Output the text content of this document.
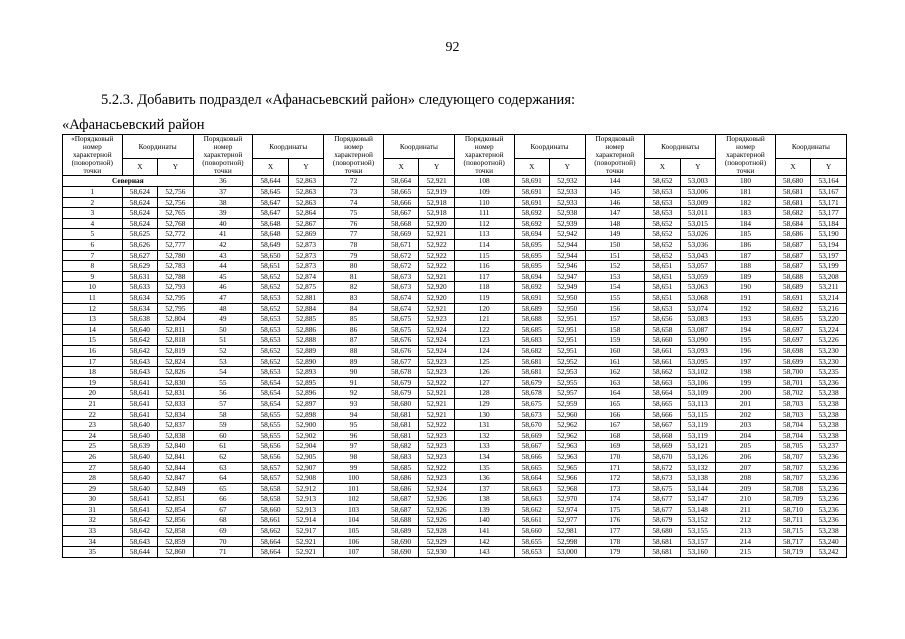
92
5.2.3. Добавить подраздел «Афанасьевский район» следующего содержания:
«Афанасьевский район
«Порядковый номер характерной (поворотной) точки	Координаты		Порядковый номер характерной (поворотной) точки	Координаты		Порядковый номер характерной (поворотной) точки	Координаты		Порядковый номер характерной (поворотной) точки	Координаты		Порядковый номер характерной (поворотной) точки	Координаты		Порядковый номер характерной (поворотной) точки	Координаты	
	X	Y		X	Y		X	Y		X	Y		X	Y		X	Y
Северная			36	58,644	52,863	72	58,664	52,921	108	58,691	52,932	144	58,652	53,003	180	58,680	53,164
1	58,624	52,756	37	58,645	52,863	73	58,665	52,919	109	58,691	52,933	145	58,653	53,006	181	58,681	53,167
2	58,624	52,756	38	58,647	52,863	74	58,666	52,918	110	58,691	52,933	146	58,653	53,009	182	58,681	53,171
3	58,624	52,765	39	58,647	52,864	75	58,667	52,918	111	58,692	52,938	147	58,653	53,011	183	58,682	53,177
4	58,624	52,768	40	58,648	52,867	76	58,668	52,920	112	58,692	52,939	148	58,652	53,015	184	58,684	53,184
5	58,625	52,772	41	58,648	52,869	77	58,669	52,921	113	58,694	52,942	149	58,652	53,026	185	58,686	53,190
6	58,626	52,777	42	58,649	52,873	78	58,671	52,922	114	58,695	52,944	150	58,652	53,036	186	58,687	53,194
7	58,627	52,780	43	58,650	52,873	79	58,672	52,922	115	58,695	52,944	151	58,652	53,043	187	58,687	53,197
8	58,629	52,783	44	58,651	52,873	80	58,672	52,922	116	58,695	52,946	152	58,651	53,057	188	58,687	53,199
9	58,631	52,788	45	58,652	52,874	81	58,673	52,921	117	58,694	52,947	153	58,651	53,059	189	58,688	53,208
10	58,633	52,793	46	58,652	52,875	82	58,673	52,920	118	58,692	52,949	154	58,651	53,063	190	58,689	53,211
11	58,634	52,795	47	58,653	52,881	83	58,674	52,920	119	58,691	52,950	155	58,651	53,068	191	58,691	53,214
12	58,634	52,795	48	58,652	52,884	84	58,674	52,921	120	58,689	52,950	156	58,653	53,074	192	58,692	53,216
13	58,638	52,804	49	58,653	52,885	85	58,675	52,923	121	58,688	52,951	157	58,656	53,083	193	58,695	53,220
14	58,640	52,811	50	58,653	52,886	86	58,675	52,924	122	58,685	52,951	158	58,658	53,087	194	58,697	53,224
15	58,642	52,818	51	58,653	52,888	87	58,676	52,924	123	58,683	52,951	159	58,660	53,090	195	58,697	53,226
16	58,642	52,819	52	58,652	52,889	88	58,676	52,924	124	58,682	52,951	160	58,661	53,093	196	58,698	53,230
17	58,643	52,824	53	58,652	52,890	89	58,677	52,923	125	58,681	52,952	161	58,661	53,095	197	58,699	53,230
18	58,643	52,826	54	58,653	52,893	90	58,678	52,923	126	58,681	52,953	162	58,662	53,102	198	58,700	53,235
19	58,641	52,830	55	58,654	52,895	91	58,679	52,922	127	58,679	52,955	163	58,663	53,106	199	58,701	53,236
20	58,641	52,831	56	58,654	52,896	92	58,679	52,921	128	58,678	52,957	164	58,664	53,109	200	58,702	53,238
21	58,641	52,833	57	58,654	52,897	93	58,680	52,921	129	58,675	52,959	165	58,665	53,113	201	58,703	53,238
22	58,641	52,834	58	58,655	52,898	94	58,681	52,921	130	58,673	52,960	166	58,666	53,115	202	58,703	53,238
23	58,640	52,837	59	58,655	52,900	95	58,681	52,922	131	58,670	52,962	167	58,667	53,119	203	58,704	53,238
24	58,640	52,838	60	58,655	52,902	96	58,681	52,923	132	58,669	52,962	168	58,668	53,119	204	58,704	53,238
25	58,639	52,840	61	58,656	52,904	97	58,682	52,923	133	58,667	52,963	169	58,669	53,121	205	58,705	53,237
26	58,640	52,841	62	58,656	52,905	98	58,683	52,923	134	58,666	52,963	170	58,670	53,126	206	58,707	53,236
27	58,640	52,844	63	58,657	52,907	99	58,685	52,922	135	58,665	52,965	171	58,672	53,132	207	58,707	53,236
28	58,640	52,847	64	58,657	52,908	100	58,686	52,923	136	58,664	52,966	172	58,673	53,138	208	58,707	53,236
29	58,640	52,849	65	58,658	52,912	101	58,686	52,924	137	58,663	52,968	173	58,675	53,144	209	58,708	53,236
30	58,641	52,851	66	58,658	52,913	102	58,687	52,926	138	58,663	52,970	174	58,677	53,147	210	58,709	53,236
31	58,641	52,854	67	58,660	52,913	103	58,687	52,926	139	58,662	52,974	175	58,677	53,148	211	58,710	53,236
32	58,642	52,856	68	58,661	52,914	104	58,688	52,926	140	58,661	52,977	176	58,679	53,152	212	58,711	53,236
33	58,642	52,858	69	58,662	52,917	105	58,689	52,928	141	58,660	52,981	177	58,680	53,155	213	58,715	53,238
34	58,643	52,859	70	58,664	52,921	106	58,690	52,929	142	58,655	52,998	178	58,681	53,157	214	58,717	53,240
35	58,644	52,860	71	58,664	52,921	107	58,690	52,930	143	58,653	53,000	179	58,681	53,160	215	58,719	53,242
